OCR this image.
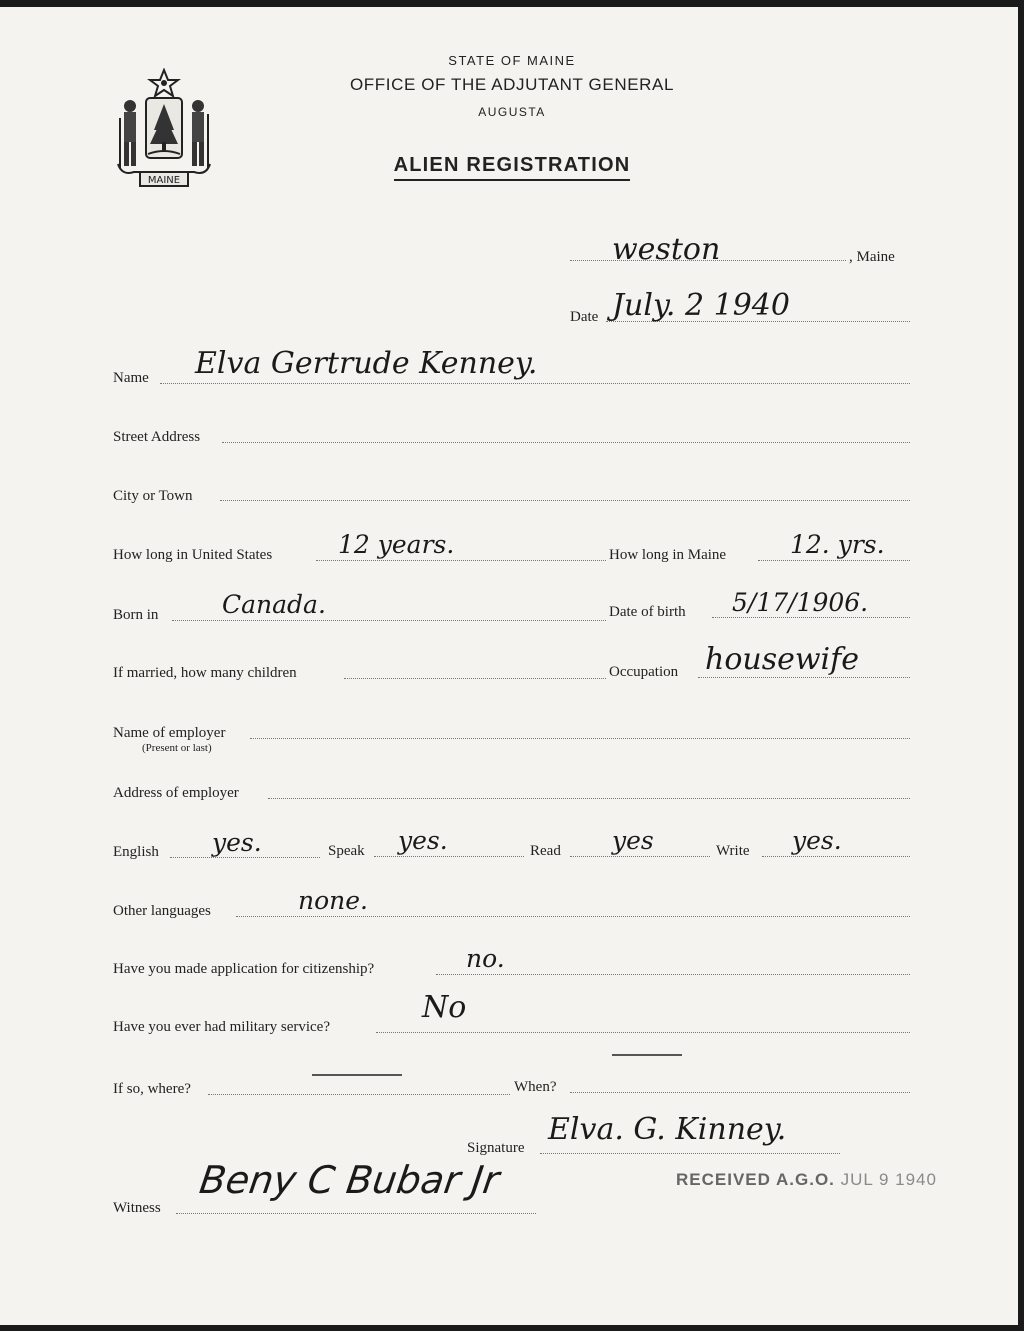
MAINE
STATE OF MAINE
OFFICE OF THE ADJUTANT GENERAL
AUGUSTA
ALIEN REGISTRATION
weston	, Maine
Date July. 2 1940
Name Elva Gertrude Kenney.
Street Address
City or Town
How long in United States	12 years.	How long in Maine	12. yrs.
Born in	Canada.	Date of birth 5/17/1906.
If married, how many children	Occupation housewife
Name of employer
(Present or last)
Address of employer
English yes.	Speak yes.	Read yes	Write yes.
Other languages	none.
Have you made application for citizenship?	no.
Have you ever had military service?
No
If so, where?	When?
Signature
Elva. G. Kinney.
Witness
Beny C Bubar Jr	RECEIVED A.G.O. JUL 9 1940
